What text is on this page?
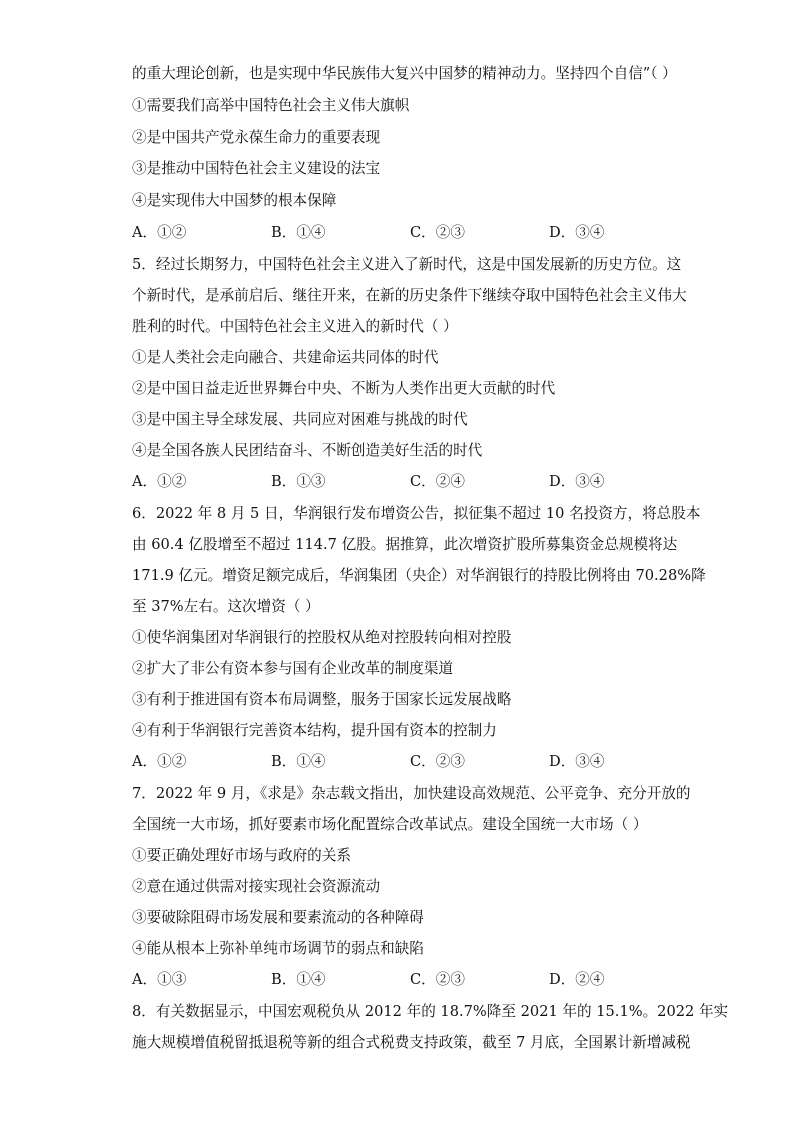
的重大理论创新，也是实现中华民族伟大复兴中国梦的精神动力。坚持四个自信”（ ）
①需要我们高举中国特色社会主义伟大旗帜
②是中国共产党永葆生命力的重要表现
③是推动中国特色社会主义建设的法宝
④是实现伟大中国梦的根本保障
A．①②	B．①④	C．②③	D．③④
5．经过长期努力，中国特色社会主义进入了新时代，这是中国发展新的历史方位。这
个新时代，是承前启后、继往开来，在新的历史条件下继续夺取中国特色社会主义伟大
胜利的时代。中国特色社会主义进入的新时代（ ）
①是人类社会走向融合、共建命运共同体的时代
②是中国日益走近世界舞台中央、不断为人类作出更大贡献的时代
③是中国主导全球发展、共同应对困难与挑战的时代
④是全国各族人民团结奋斗、不断创造美好生活的时代
A．①②	B．①③	C．②④	D．③④
6．2022 年 8 月 5 日，华润银行发布增资公告，拟征集不超过 10 名投资方，将总股本
由 60.4 亿股增至不超过 114.7 亿股。据推算，此次增资扩股所募集资金总规模将达
171.9 亿元。增资足额完成后，华润集团（央企）对华润银行的持股比例将由 70.28%降
至 37%左右。这次增资（ ）
①使华润集团对华润银行的控股权从绝对控股转向相对控股
②扩大了非公有资本参与国有企业改革的制度渠道
③有利于推进国有资本布局调整，服务于国家长远发展战略
④有利于华润银行完善资本结构，提升国有资本的控制力
A．①②	B．①④	C．②③	D．③④
7．2022 年 9 月，《求是》杂志载文指出，加快建设高效规范、公平竞争、充分开放的
全国统一大市场，抓好要素市场化配置综合改革试点。建设全国统一大市场（ ）
①要正确处理好市场与政府的关系
②意在通过供需对接实现社会资源流动
③要破除阻碍市场发展和要素流动的各种障碍
④能从根本上弥补单纯市场调节的弱点和缺陷
A．①③	B．①④	C．②③	D．②④
8．有关数据显示，中国宏观税负从 2012 年的 18.7%降至 2021 年的 15.1%。2022 年实
施大规模增值税留抵退税等新的组合式税费支持政策，截至 7 月底，全国累计新增减税
